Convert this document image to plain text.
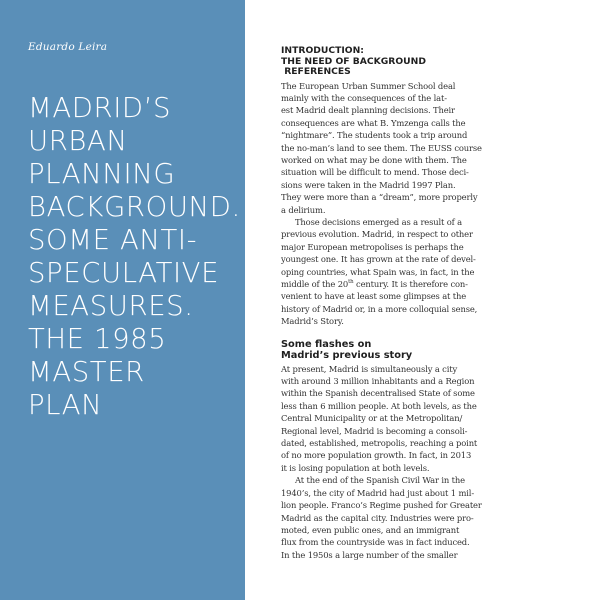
Eduardo Leira

MADRID’S
URBAN
PLANNING
BACKGROUND.
SOME ANTI-
SPECULATIVE
MEASURES.
THE 1985
MASTER
PLAN
INTRODUCTION:
THE NEED OF BACKGROUND
REFERENCES

The European Urban Summer School deal
mainly with the consequences of the lat-
est Madrid dealt planning decisions. Their
consequences are what B. Ymzenga calls the
“nightmare”. The students took a trip around
the no-man’s land to see them. The EUSS course
worked on what may be done with them. The
situation will be difficult to mend. Those deci-
sions were taken in the Madrid 1997 Plan.
They were more than a “dream”, more properly
a delirium.

Those decisions emerged as a result of a
previous evolution. Madrid, in respect to other
major European metropolises is perhaps the
youngest one. It has grown at the rate of devel-
oping countries, what Spain was, in fact, in the
middle of the 20th century. It is therefore con-
venient to have at least some glimpses at the
history of Madrid or, in a more colloquial sense,
Madrid’s Story.

Some flashes on
Madrid’s previous story

At present, Madrid is simultaneously a city
with around 3 million inhabitants and a Region
within the Spanish decentralised State of some
less than 6 million people. At both levels, as the
Central Municipality or at the Metropolitan/
Regional level, Madrid is becoming a consoli-
dated, established, metropolis, reaching a point
of no more population growth. In fact, in 2013
it is losing population at both levels.

At the end of the Spanish Civil War in the
1940’s, the city of Madrid had just about 1 mil-
lion people. Franco’s Regime pushed for Greater
Madrid as the capital city. Industries were pro-
moted, even public ones, and an immigrant
flux from the countryside was in fact induced.
In the 1950s a large number of the smaller
